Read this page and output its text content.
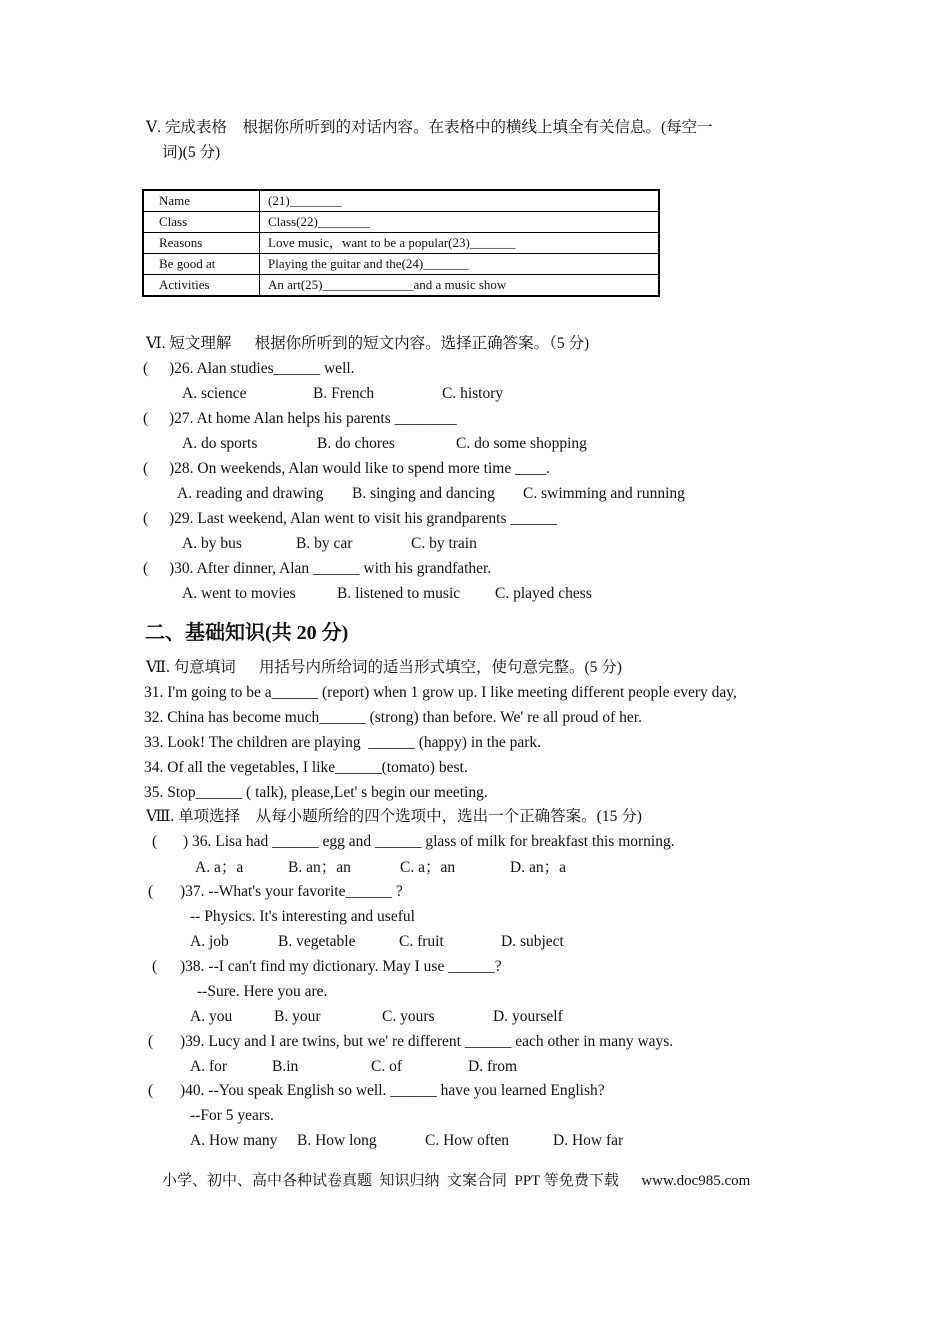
Ⅴ. 完成表格    根据你所听到的对话内容。在表格中的横线上填全有关信息。(每空一
词)(5 分)
Name	(21)________
Class	Class(22)________
Reasons	Love music，want to be a popular(23)_______
Be good at	Playing the guitar and the(24)_______
Activities	An art(25)______________and a music show
Ⅵ. 短文理解      根据你所听到的短文内容。选择正确答案。（5 分)
( )26. Alan studies______ well.
A. science	B. French	C. history
( )27. At home Alan helps his parents ________
A. do sports	B. do chores	C. do some shopping
( )28. On weekends, Alan would like to spend more time ____.
A. reading and drawing B. singing and dancing C. swimming and running
( )29. Last weekend, Alan went to visit his grandparents ______
A. by bus	B. by car	C. by train
( )30. After dinner, Alan ______ with his grandfather.
A. went to movies	B. listened to music C. played chess
二、基础知识(共 20 分)
Ⅶ. 句意填词      用括号内所给词的适当形式填空，使句意完整。(5 分)
31. I'm going to be a______ (report) when 1 grow up. I like meeting different people every day,
32. China has become much______ (strong) than before. We' re all proud of her.
33. Look! The children are playing  ______ (happy) in the park.
34. Of all the vegetables, I like______(tomato) best.
35. Stop______ ( talk), please,Let' s begin our meeting.
Ⅷ. 单项选择    从每小题所给的四个选项中，选出一个正确答案。(15 分)
( ) 36. Lisa had ______ egg and ______ glass of milk for breakfast this morning.
A. a；a	B. an；an	C. a；an	D. an；a
( )37. --What's your favorite______ ?
-- Physics. It's interesting and useful
A. job	B. vegetable	C. fruit	D. subject
( )38. --I can't find my dictionary. May I use ______?
--Sure. Here you are.
A. you	B. your	C. yours	D. yourself
( )39. Lucy and I are twins, but we' re different ______ each other in many ways.
A. for	B.in	C. of	D. from
( )40. --You speak English so well. ______ have you learned English?
--For 5 years.
A. How many B. How long	C. How often	D. How far
小学、初中、高中各种试卷真题  知识归纳  文案合同  PPT 等免费下载      www.doc985.com
